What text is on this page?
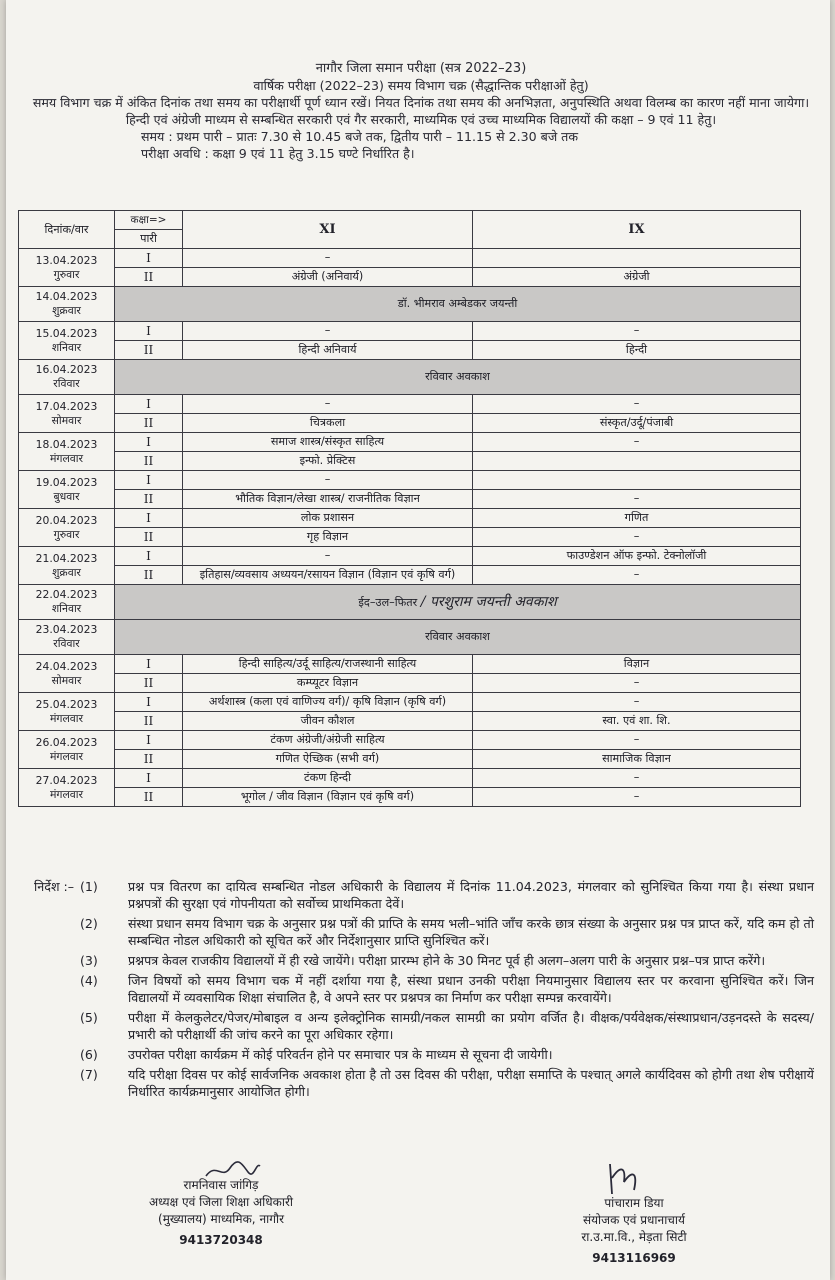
नागौर जिला समान परीक्षा (सत्र 2022–23)
वार्षिक परीक्षा (2022–23) समय विभाग चक्र (सैद्धान्तिक परीक्षाओं हेतु)
समय विभाग चक्र में अंकित दिनांक तथा समय का परीक्षार्थी पूर्ण ध्यान रखें। नियत दिनांक तथा समय की अनभिज्ञता, अनुपस्थिति अथवा विलम्ब का कारण नहीं माना जायेगा।
हिन्दी एवं अंग्रेजी माध्यम से सम्बन्धित सरकारी एवं गैर सरकारी, माध्यमिक एवं उच्च माध्यमिक विद्यालयों की कक्षा – 9 एवं 11 हेतु।
समय : प्रथम पारी – प्रातः 7.30 से 10.45 बजे तक, द्वितीय पारी – 11.15 से 2.30 बजे तक
परीक्षा अवधि : कक्षा 9 एवं 11 हेतु 3.15 घण्टे निर्धारित है।
दिनांक/वार	कक्षा=>	XI	IX
	पारी		

13.04.2023
गुरुवार	I	–	
	II	अंग्रेजी (अनिवार्य)	अंग्रेजी

14.04.2023
शुक्रवार	डॉ. भीमराव अम्बेडकर जयन्ती		

15.04.2023
शनिवार	I	–	–
	II	हिन्दी अनिवार्य	हिन्दी

16.04.2023
रविवार	रविवार अवकाश		

17.04.2023
सोमवार	I	–	–
	II	चित्रकला	संस्कृत/उर्दू/पंजाबी

18.04.2023
मंगलवार	I	समाज शास्त्र/संस्कृत साहित्य	–
	II	इन्फो. प्रेक्टिस	

19.04.2023
बुधवार	I	–	
	II	भौतिक विज्ञान/लेखा शास्त्र/ राजनीतिक विज्ञान	–

20.04.2023
गुरुवार	I	लोक प्रशासन	गणित
	II	गृह विज्ञान	–

21.04.2023
शुक्रवार	I	–	फाउण्डेशन ऑफ इन्फो. टेक्नोलॉजी
	II	इतिहास/व्यवसाय अध्ययन/रसायन विज्ञान (विज्ञान एवं कृषि वर्ग)	–

22.04.2023
शनिवार	ईद–उल–फितर / परशुराम जयन्ती अवकाश		

23.04.2023
रविवार	रविवार अवकाश		

24.04.2023
सोमवार	I	हिन्दी साहित्य/उर्दू साहित्य/राजस्थानी साहित्य	विज्ञान
	II	कम्प्यूटर विज्ञान	–

25.04.2023
मंगलवार	I	अर्थशास्त्र (कला एवं वाणिज्य वर्ग)/ कृषि विज्ञान (कृषि वर्ग)	–
	II	जीवन कौशल	स्वा. एवं शा. शि.

26.04.2023
मंगलवार	I	टंकण अंग्रेजी/अंग्रेजी साहित्य	–
	II	गणित ऐच्छिक (सभी वर्ग)	सामाजिक विज्ञान

27.04.2023
मंगलवार	I	टंकण हिन्दी	–
	II	भूगोल / जीव विज्ञान (विज्ञान एवं कृषि वर्ग)	–
निर्देश :– (1)	प्रश्न पत्र वितरण का दायित्व सम्बन्धित नोडल अधिकारी के विद्यालय में दिनांक 11.04.2023, मंगलवार को सुनिश्चित किया गया है। संस्था प्रधान प्रश्नपत्रों की सुरक्षा एवं गोपनीयता को सर्वोच्च प्राथमिकता देवें।
(2)	संस्था प्रधान समय विभाग चक्र के अनुसार प्रश्न पत्रों की प्राप्ति के समय भली–भांति जाँच करके छात्र संख्या के अनुसार प्रश्न पत्र प्राप्त करें, यदि कम हो तो सम्बन्धित नोडल अधिकारी को सूचित करें और निर्देशानुसार प्राप्ति सुनिश्चित करें।
(3)	प्रश्नपत्र केवल राजकीय विद्यालयों में ही रखे जायेंगे। परीक्षा प्रारम्भ होने के 30 मिनट पूर्व ही अलग–अलग पारी के अनुसार प्रश्न–पत्र प्राप्त करेंगे।
(4)	जिन विषयों को समय विभाग चक में नहीं दर्शाया गया है, संस्था प्रधान उनकी परीक्षा नियमानुसार विद्यालय स्तर पर करवाना सुनिश्चित करें। जिन विद्यालयों में व्यवसायिक शिक्षा संचालित है, वे अपने स्तर पर प्रश्नपत्र का निर्माण कर परीक्षा सम्पन्न करवायेंगे।
(5)	परीक्षा में केलकुलेटर/पेजर/मोबाइल व अन्य इलेक्ट्रोनिक सामग्री/नकल सामग्री का प्रयोग वर्जित है। वीक्षक/पर्यवेक्षक/संस्थाप्रधान/उड़नदस्ते के सदस्य/प्रभारी को परीक्षार्थी की जांच करने का पूरा अधिकार रहेगा।
(6)	उपरोक्त परीक्षा कार्यक्रम में कोई परिवर्तन होने पर समाचार पत्र के माध्यम से सूचना दी जायेगी।
(7)	यदि परीक्षा दिवस पर कोई सार्वजनिक अवकाश होता है तो उस दिवस की परीक्षा, परीक्षा समाप्ति के पश्चात् अगले कार्यदिवस को होगी तथा शेष परीक्षायें निर्धारित कार्यक्रमानुसार आयोजित होगी।
रामनिवास जांगिड़
अध्यक्ष एवं जिला शिक्षा अधिकारी
(मुख्यालय) माध्यमिक, नागौर
9413720348
पांचाराम डिया
संयोजक एवं प्रधानाचार्य
रा.उ.मा.वि., मेड़ता सिटी
9413116969
